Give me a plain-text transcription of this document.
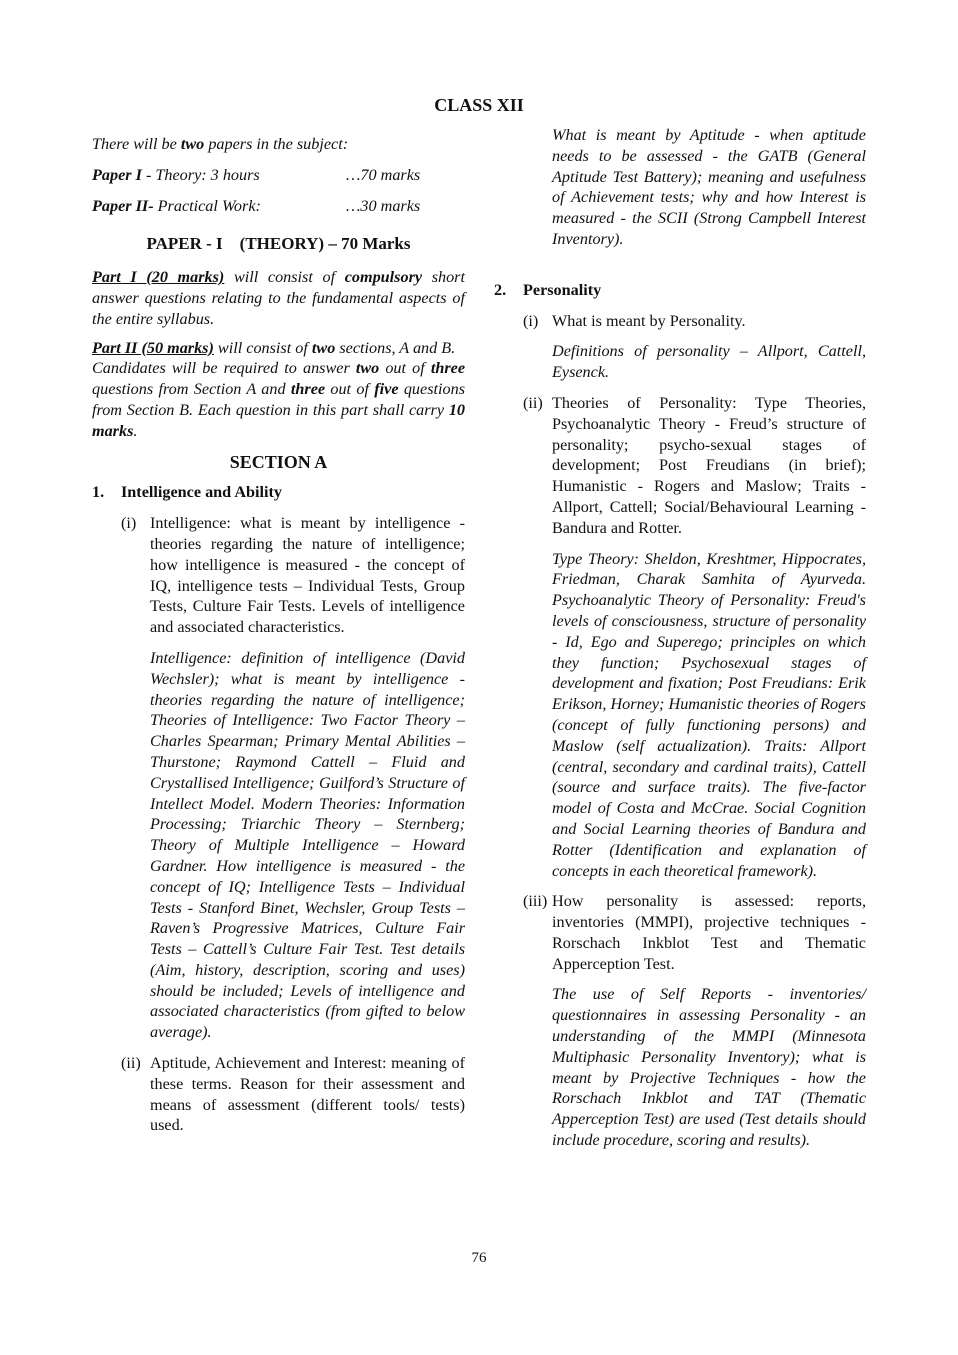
CLASS XII

There will be two papers in the subject:

Paper I - Theory: 3 hours	…70 marks
Paper II- Practical Work:	…30 marks

PAPER - I    (THEORY) – 70 Marks

Part I (20 marks) will consist of compulsory short answer questions relating to the fundamental aspects of the entire syllabus.

Part II (50 marks) will consist of two sections, A and B.

Candidates will be required to answer two out of three questions from Section A and three out of five questions from Section B. Each question in this part shall carry 10 marks.

SECTION A

1.	Intelligence and Ability
(i) Intelligence: what is meant by intelligence - theories regarding the nature of intelligence; how intelligence is measured - the concept of IQ, intelligence tests – Individual Tests, Group Tests, Culture Fair Tests. Levels of intelligence and associated characteristics.

Intelligence: definition of intelligence (David Wechsler); what is meant by intelligence - theories regarding the nature of intelligence; Theories of Intelligence: Two Factor Theory – Charles Spearman; Primary Mental Abilities – Thurstone; Raymond Cattell – Fluid and Crystallised Intelligence; Guilford’s Structure of Intellect Model. Modern Theories: Information Processing; Triarchic Theory – Sternberg; Theory of Multiple Intelligence – Howard Gardner. How intelligence is measured - the concept of IQ; Intelligence Tests – Individual Tests - Stanford Binet, Wechsler, Group Tests – Raven’s Progressive Matrices, Culture Fair Tests – Cattell’s Culture Fair Test. Test details (Aim, history, description, scoring and uses) should be included; Levels of intelligence and associated characteristics (from gifted to below average).

(ii) Aptitude, Achievement and Interest: meaning of these terms. Reason for their assessment and means of assessment (different tools/ tests) used.

What is meant by Aptitude - when aptitude needs to be assessed - the GATB (General Aptitude Test Battery); meaning and usefulness of Achievement tests; why and how Interest is measured - the SCII (Strong Campbell Interest Inventory).

2.	Personality
(i) What is meant by Personality.

Definitions of personality – Allport, Cattell, Eysenck.

(ii) Theories of Personality: Type Theories, Psychoanalytic Theory - Freud’s structure of personality; psycho-sexual stages of development; Post Freudians (in brief); Humanistic - Rogers and Maslow; Traits - Allport, Cattell; Social/Behavioural Learning - Bandura and Rotter.

Type Theory: Sheldon, Kreshtmer, Hippocrates, Friedman, Charak Samhita of Ayurveda. Psychoanalytic Theory of Personality: Freud's levels of consciousness, structure of personality - Id, Ego and Superego; principles on which they function; Psychosexual stages of development and fixation; Post Freudians: Erik Erikson, Horney; Humanistic theories of Rogers (concept of fully functioning persons) and Maslow (self actualization). Traits: Allport (central, secondary and cardinal traits), Cattell (source and surface traits). The five-factor model of Costa and McCrae. Social Cognition and Social Learning theories of Bandura and Rotter (Identification and explanation of concepts in each theoretical framework).

(iii) How personality is assessed: reports, inventories (MMPI), projective techniques - Rorschach Inkblot Test and Thematic Apperception Test.

The use of Self Reports - inventories/ questionnaires in assessing Personality - an understanding of the MMPI (Minnesota Multiphasic Personality Inventory); what is meant by Projective Techniques - how the Rorschach Inkblot and TAT (Thematic Apperception Test) are used (Test details should include procedure, scoring and results).

76
